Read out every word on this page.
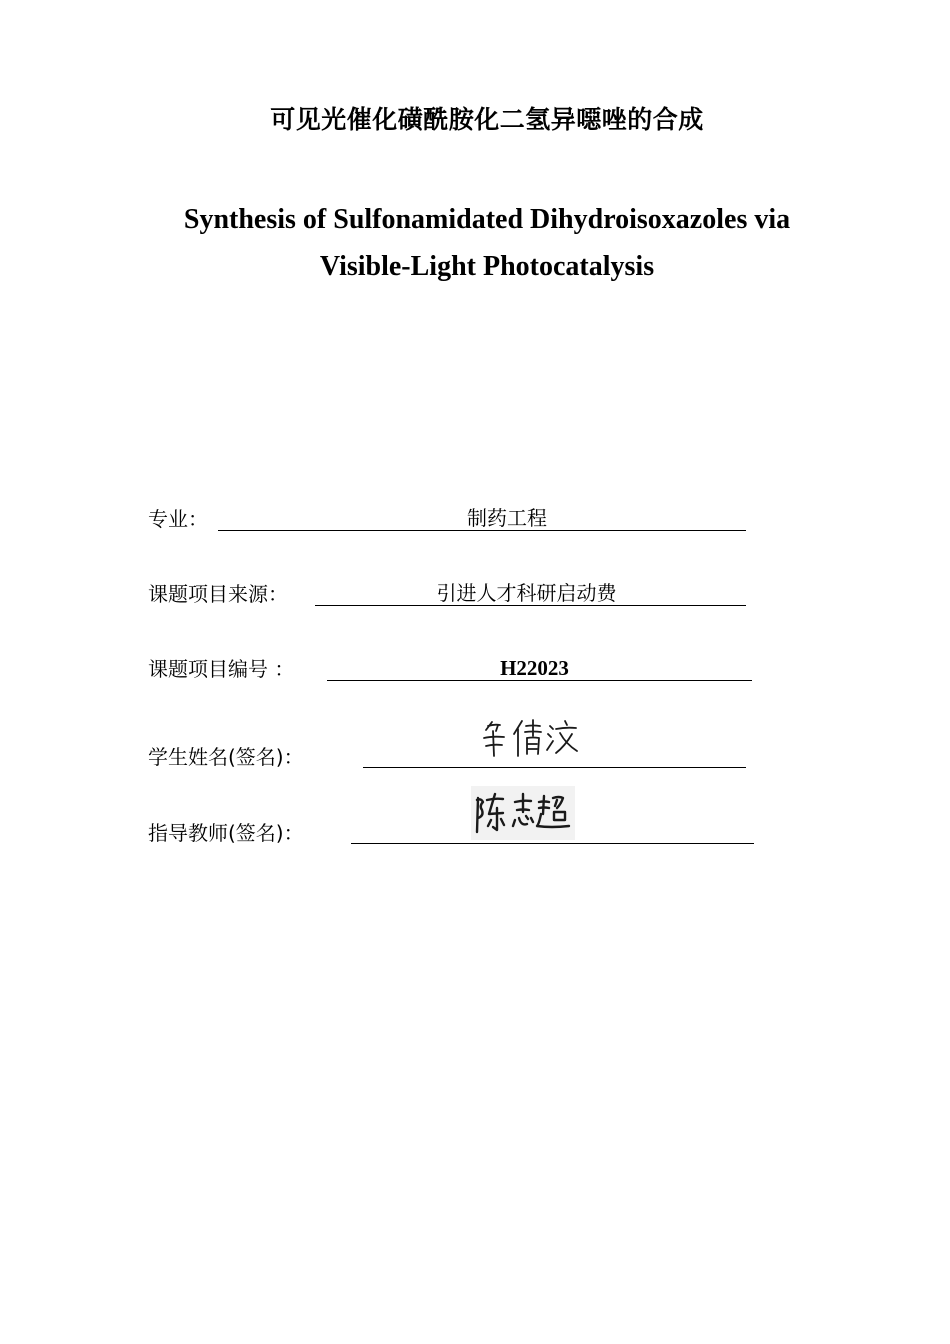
可见光催化磺酰胺化二氢异噁唑的合成
Synthesis of Sulfonamidated Dihydroisoxazoles via
Visible-Light Photocatalysis
专业：	制药工程
课题项目来源：	引进人才科研启动费
课题项目编号 ：	H22023
学生姓名(签名)：
指导教师(签名)：
